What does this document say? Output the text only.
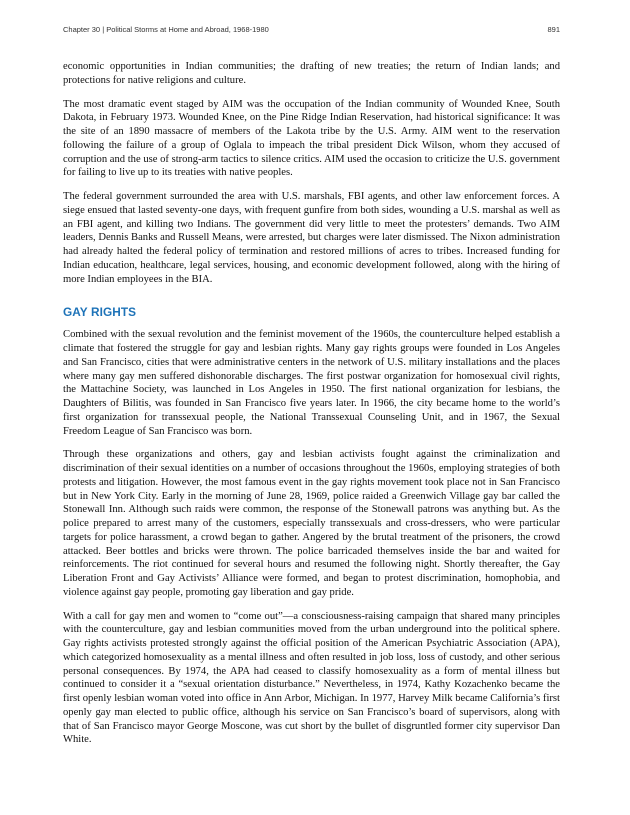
Chapter 30 | Political Storms at Home and Abroad, 1968-1980	891

economic opportunities in Indian communities; the drafting of new treaties; the return of Indian lands; and protections for native religions and culture.

The most dramatic event staged by AIM was the occupation of the Indian community of Wounded Knee, South Dakota, in February 1973. Wounded Knee, on the Pine Ridge Indian Reservation, had historical significance: It was the site of an 1890 massacre of members of the Lakota tribe by the U.S. Army. AIM went to the reservation following the failure of a group of Oglala to impeach the tribal president Dick Wilson, whom they accused of corruption and the use of strong-arm tactics to silence critics. AIM used the occasion to criticize the U.S. government for failing to live up to its treaties with native peoples.

The federal government surrounded the area with U.S. marshals, FBI agents, and other law enforcement forces. A siege ensued that lasted seventy-one days, with frequent gunfire from both sides, wounding a U.S. marshal as well as an FBI agent, and killing two Indians. The government did very little to meet the protesters’ demands. Two AIM leaders, Dennis Banks and Russell Means, were arrested, but charges were later dismissed. The Nixon administration had already halted the federal policy of termination and restored millions of acres to tribes. Increased funding for Indian education, healthcare, legal services, housing, and economic development followed, along with the hiring of more Indian employees in the BIA.

GAY RIGHTS

Combined with the sexual revolution and the feminist movement of the 1960s, the counterculture helped establish a climate that fostered the struggle for gay and lesbian rights. Many gay rights groups were founded in Los Angeles and San Francisco, cities that were administrative centers in the network of U.S. military installations and the places where many gay men suffered dishonorable discharges. The first postwar organization for homosexual civil rights, the Mattachine Society, was launched in Los Angeles in 1950. The first national organization for lesbians, the Daughters of Bilitis, was founded in San Francisco five years later. In 1966, the city became home to the world’s first organization for transsexual people, the National Transsexual Counseling Unit, and in 1967, the Sexual Freedom League of San Francisco was born.

Through these organizations and others, gay and lesbian activists fought against the criminalization and discrimination of their sexual identities on a number of occasions throughout the 1960s, employing strategies of both protests and litigation. However, the most famous event in the gay rights movement took place not in San Francisco but in New York City. Early in the morning of June 28, 1969, police raided a Greenwich Village gay bar called the Stonewall Inn. Although such raids were common, the response of the Stonewall patrons was anything but. As the police prepared to arrest many of the customers, especially transsexuals and cross-dressers, who were particular targets for police harassment, a crowd began to gather. Angered by the brutal treatment of the prisoners, the crowd attacked. Beer bottles and bricks were thrown. The police barricaded themselves inside the bar and waited for reinforcements. The riot continued for several hours and resumed the following night. Shortly thereafter, the Gay Liberation Front and Gay Activists’ Alliance were formed, and began to protest discrimination, homophobia, and violence against gay people, promoting gay liberation and gay pride.

With a call for gay men and women to “come out”—a consciousness-raising campaign that shared many principles with the counterculture, gay and lesbian communities moved from the urban underground into the political sphere. Gay rights activists protested strongly against the official position of the American Psychiatric Association (APA), which categorized homosexuality as a mental illness and often resulted in job loss, loss of custody, and other serious personal consequences. By 1974, the APA had ceased to classify homosexuality as a form of mental illness but continued to consider it a “sexual orientation disturbance.” Nevertheless, in 1974, Kathy Kozachenko became the first openly lesbian woman voted into office in Ann Arbor, Michigan. In 1977, Harvey Milk became California’s first openly gay man elected to public office, although his service on San Francisco’s board of supervisors, along with that of San Francisco mayor George Moscone, was cut short by the bullet of disgruntled former city supervisor Dan White.
